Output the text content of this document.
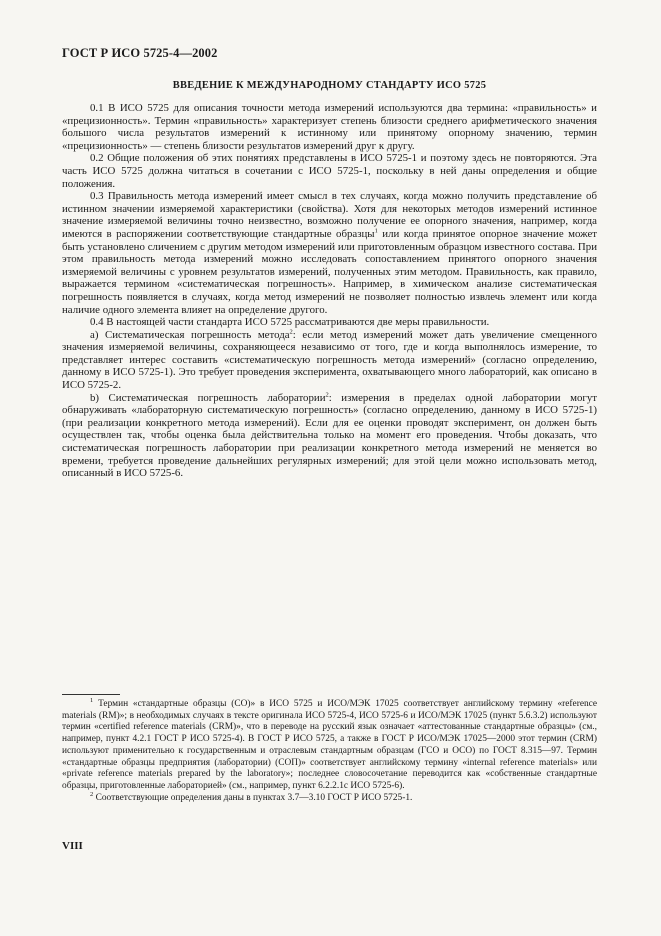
ГОСТ Р ИСО 5725-4—2002
ВВЕДЕНИЕ К МЕЖДУНАРОДНОМУ СТАНДАРТУ ИСО 5725

0.1 В ИСО 5725 для описания точности метода измерений используются два термина: «правильность» и «прецизионность». Термин «правильность» характеризует степень близости среднего арифметического значения большого числа результатов измерений к истинному или принятому опорному значению, термин «прецизионность» — степень близости результатов измерений друг к другу.

0.2 Общие положения об этих понятиях представлены в ИСО 5725-1 и поэтому здесь не повторяются. Эта часть ИСО 5725 должна читаться в сочетании с ИСО 5725-1, поскольку в ней даны определения и общие положения.

0.3 Правильность метода измерений имеет смысл в тех случаях, когда можно получить представление об истинном значении измеряемой характеристики (свойства). Хотя для некоторых методов измерений истинное значение измеряемой величины точно неизвестно, возможно получение ее опорного значения, например, когда имеются в распоряжении соответствующие стандартные образцы$^1$ или когда принятое опорное значение может быть установлено сличением с другим методом измерений или приготовленным образцом известного состава. При этом правильность метода измерений можно исследовать сопоставлением принятого опорного значения измеряемой величины с уровнем результатов измерений, полученных этим методом. Правильность, как правило, выражается термином «систематическая погрешность». Например, в химическом анализе систематическая погрешность появляется в случаях, когда метод измерений не позволяет полностью извлечь элемент или когда наличие одного элемента влияет на определение другого.

0.4 В настоящей части стандарта ИСО 5725 рассматриваются две меры правильности.

а) Систематическая погрешность метода$^2$: если метод измерений может дать увеличение смещенного значения измеряемой величины, сохраняющееся независимо от того, где и когда выполнялось измерение, то представляет интерес составить «систематическую погрешность метода измерений» (согласно определению, данному в ИСО 5725-1). Это требует проведения эксперимента, охватывающего много лабораторий, как описано в ИСО 5725-2.

b) Систематическая погрешность лаборатории$^2$: измерения в пределах одной лаборатории могут обнаруживать «лабораторную систематическую погрешность» (согласно определению, данному в ИСО 5725-1) (при реализации конкретного метода измерений). Если для ее оценки проводят эксперимент, он должен быть осуществлен так, чтобы оценка была действительна только на момент его проведения. Чтобы доказать, что систематическая погрешность лаборатории при реализации конкретного метода измерений не меняется во времени, требуется проведение дальнейших регулярных измерений; для этой цели можно использовать метод, описанный в ИСО 5725-6.

$^1$ Термин «стандартные образцы (СО)» в ИСО 5725 и ИСО/МЭК 17025 соответствует английскому термину «reference materials (RM)»; в необходимых случаях в тексте оригинала ИСО 5725-4, ИСО 5725-6 и ИСО/МЭК 17025 (пункт 5.6.3.2) используют термин «certified reference materials (CRM)», что в переводе на русский язык означает «аттестованные стандартные образцы» (см., например, пункт 4.2.1 ГОСТ Р ИСО 5725-4). В ГОСТ Р ИСО 5725, а также в ГОСТ Р ИСО/МЭК 17025—2000 этот термин (CRM) используют применительно к государственным и отраслевым стандартным образцам (ГСО и ОСО) по ГОСТ 8.315—97. Термин «стандартные образцы предприятия (лаборатории) (СОП)» соответствует английскому термину «internal reference materials» или «private reference materials prepared by the laboratory»; последнее словосочетание переводится как «собственные стандартные образцы, приготовленные лабораторией» (см., например, пункт 6.2.2.1с ИСО 5725-6).

$^2$ Соответствующие определения даны в пунктах 3.7—3.10 ГОСТ Р ИСО 5725-1.

VIII
